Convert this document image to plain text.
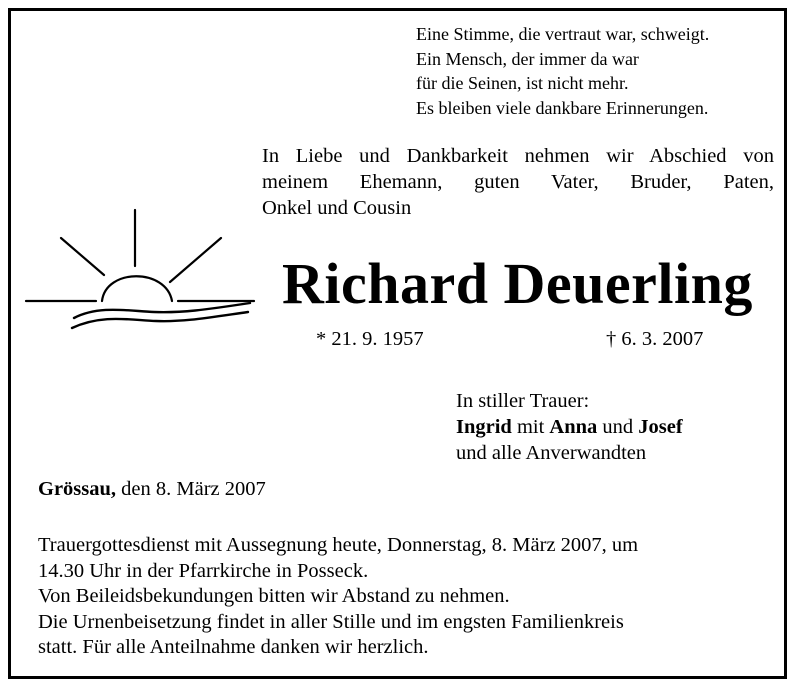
Eine Stimme, die vertraut war, schweigt.
Ein Mensch, der immer da war
für die Seinen, ist nicht mehr.
Es bleiben viele dankbare Erinnerungen.
In Liebe und Dankbarkeit nehmen wir Abschied von
meinem Ehemann, guten Vater, Bruder, Paten,
Onkel und Cousin
Richard Deuerling
* 21. 9. 1957	† 6. 3. 2007
In stiller Trauer:
Ingrid mit Anna und Josef
und alle Anverwandten
Grössau, den 8. März 2007
Trauergottesdienst mit Aussegnung heute, Donnerstag, 8. März 2007, um
14.30 Uhr in der Pfarrkirche in Posseck.
Von Beileidsbekundungen bitten wir Abstand zu nehmen.
Die Urnenbeisetzung findet in aller Stille und im engsten Familienkreis
statt. Für alle Anteilnahme danken wir herzlich.
